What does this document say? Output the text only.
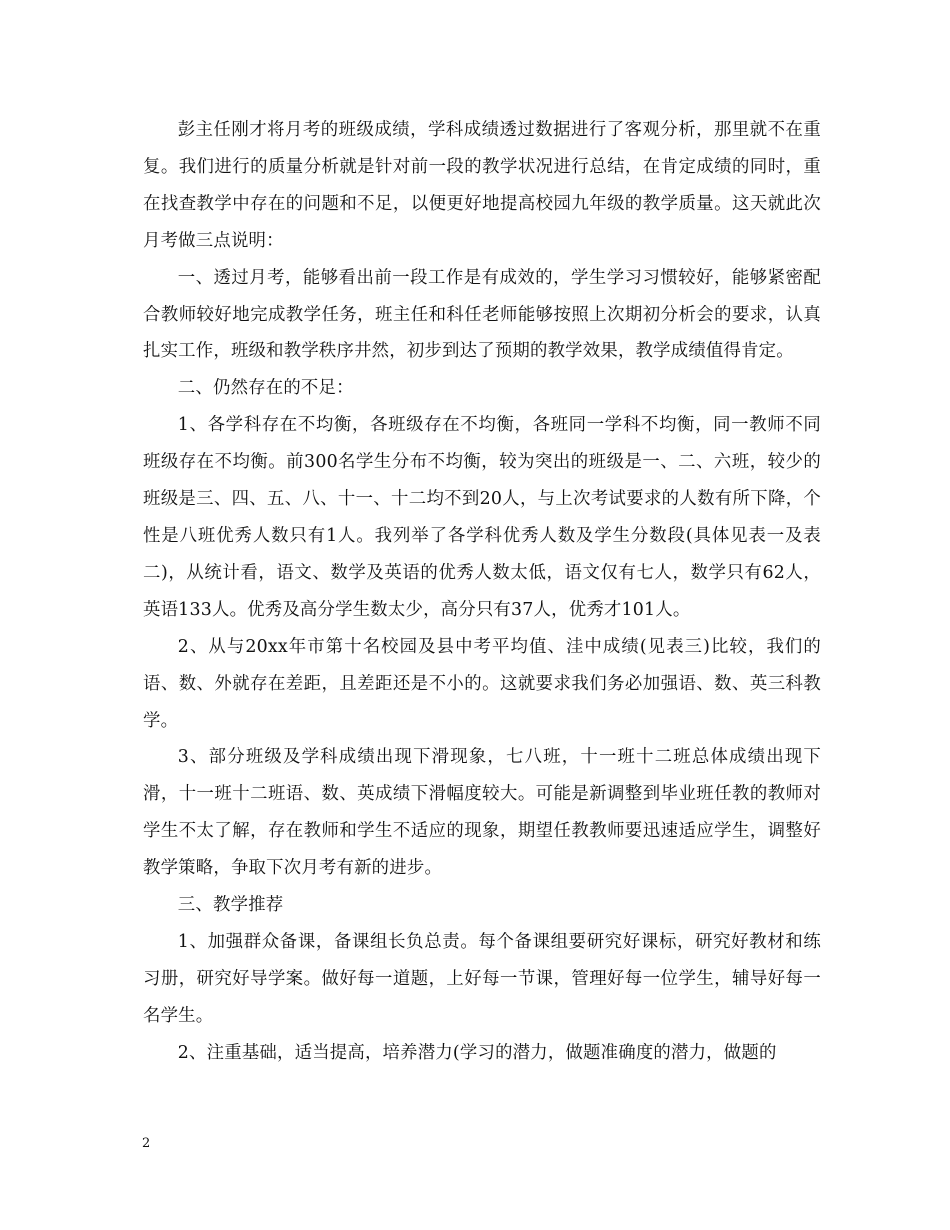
彭主任刚才将月考的班级成绩，学科成绩透过数据进行了客观分析，那里就不在重复。我们进行的质量分析就是针对前一段的教学状况进行总结，在肯定成绩的同时，重在找查教学中存在的问题和不足，以便更好地提高校园九年级的教学质量。这天就此次月考做三点说明：

一、透过月考，能够看出前一段工作是有成效的，学生学习习惯较好，能够紧密配合教师较好地完成教学任务，班主任和科任老师能够按照上次期初分析会的要求，认真扎实工作，班级和教学秩序井然，初步到达了预期的教学效果，教学成绩值得肯定。

二、仍然存在的不足：

1、各学科存在不均衡，各班级存在不均衡，各班同一学科不均衡，同一教师不同班级存在不均衡。前300名学生分布不均衡，较为突出的班级是一、二、六班，较少的班级是三、四、五、八、十一、十二均不到20人，与上次考试要求的人数有所下降，个性是八班优秀人数只有1人。我列举了各学科优秀人数及学生分数段(具体见表一及表二)，从统计看，语文、数学及英语的优秀人数太低，语文仅有七人，数学只有62人，英语133人。优秀及高分学生数太少，高分只有37人，优秀才101人。

2、从与20xx年市第十名校园及县中考平均值、洼中成绩(见表三)比较，我们的语、数、外就存在差距，且差距还是不小的。这就要求我们务必加强语、数、英三科教学。

3、部分班级及学科成绩出现下滑现象，七八班，十一班十二班总体成绩出现下滑，十一班十二班语、数、英成绩下滑幅度较大。可能是新调整到毕业班任教的教师对学生不太了解，存在教师和学生不适应的现象，期望任教教师要迅速适应学生，调整好教学策略，争取下次月考有新的进步。

三、教学推荐

1、加强群众备课，备课组长负总责。每个备课组要研究好课标，研究好教材和练习册，研究好导学案。做好每一道题，上好每一节课，管理好每一位学生，辅导好每一名学生。

2、注重基础，适当提高，培养潜力(学习的潜力，做题准确度的潜力，做题的

2
